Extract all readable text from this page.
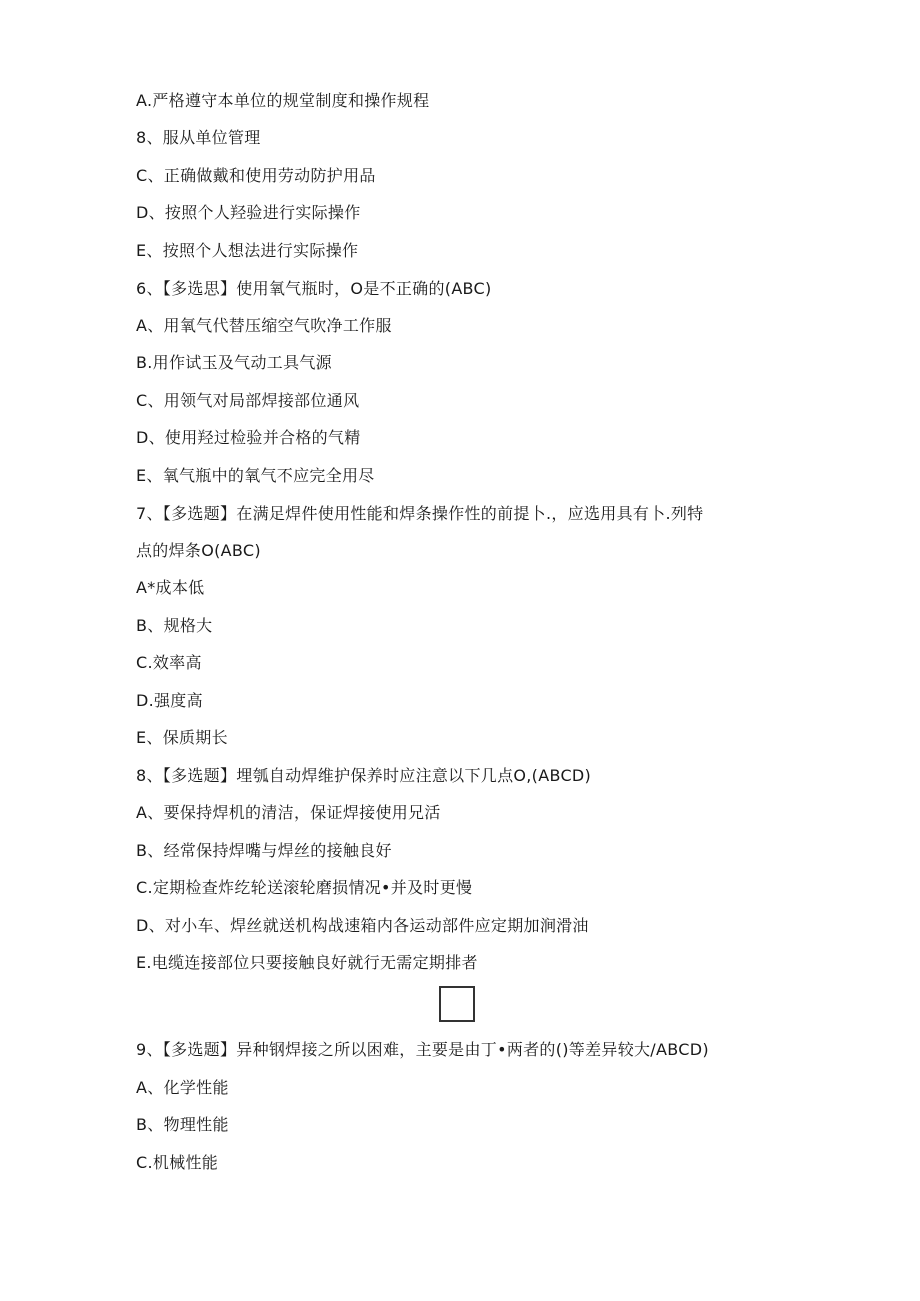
A.严格遵守本单位的规堂制度和操作规程
8、服从单位管理
C、正确做戴和使用劳动防护用品
D、按照个人羟验进行实际操作
E、按照个人想法进行实际操作
6、【多选思】使用氧气瓶时，O是不正确的(ABC)
A、用氧气代替压缩空气吹净工作服
B.用作试玉及气动工具气源
C、用领气对局部焊接部位通风
D、使用羟过检验并合格的气精
E、氧气瓶中的氧气不应完全用尽
7、【多选题】在满足焊件使用性能和焊条操作性的前提卜.，应选用具有卜.列特
点的焊条O(ABC)
A*成本低
B、规格大
C.效率高
D.强度高
E、保质期长
8、【多选题】埋瓠自动焊维护保养时应注意以下几点O,(ABCD)
A、要保持焊机的清洁，保证焊接使用兄活
B、经常保持焊嘴与焊丝的接触良好
C.定期检查炸纥轮送滚轮磨损情况•并及时更慢
D、对小车、焊丝就送机构战速箱内各运动部件应定期加涧滑油
E.电缆连接部位只要接触良好就行无需定期排者
9、【多选题】异种钢焊接之所以困难，主要是由丁•两者的()等差异较大/ABCD)
A、化学性能
B、物理性能
C.机械性能
